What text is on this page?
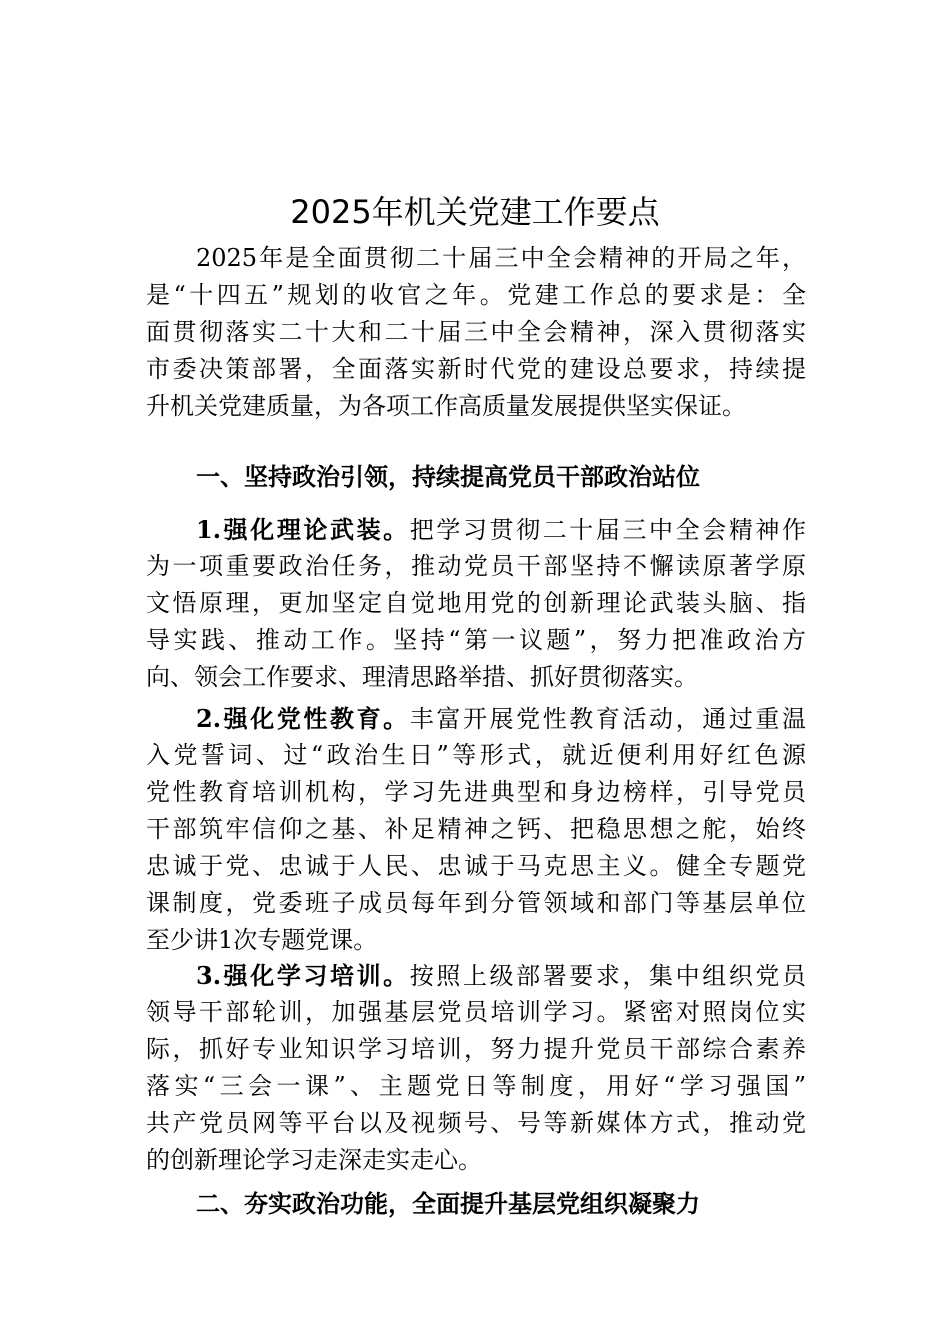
2025年机关党建工作要点
2025年是全面贯彻二十届三中全会精神的开局之年，
是“十四五”规划的收官之年。党建工作总的要求是：全
面贯彻落实二十大和二十届三中全会精神，深入贯彻落实
市委决策部署，全面落实新时代党的建设总要求，持续提
升机关党建质量，为各项工作高质量发展提供坚实保证。
一、坚持政治引领，持续提高党员干部政治站位
1.强化理论武装。把学习贯彻二十届三中全会精神作
为一项重要政治任务，推动党员干部坚持不懈读原著学原
文悟原理，更加坚定自觉地用党的创新理论武装头脑、指
导实践、推动工作。坚持“第一议题”，努力把准政治方
向、领会工作要求、理清思路举措、抓好贯彻落实。
2.强化党性教育。丰富开展党性教育活动，通过重温
入党誓词、过“政治生日”等形式，就近便利用好红色源
党性教育培训机构，学习先进典型和身边榜样，引导党员
干部筑牢信仰之基、补足精神之钙、把稳思想之舵，始终
忠诚于党、忠诚于人民、忠诚于马克思主义。健全专题党
课制度，党委班子成员每年到分管领域和部门等基层单位
至少讲1次专题党课。
3.强化学习培训。按照上级部署要求，集中组织党员
领导干部轮训，加强基层党员培训学习。紧密对照岗位实
际，抓好专业知识学习培训，努力提升党员干部综合素养
落实“三会一课”、主题党日等制度，用好“学习强国”
共产党员网等平台以及视频号、号等新媒体方式，推动党
的创新理论学习走深走实走心。
二、夯实政治功能，全面提升基层党组织凝聚力
